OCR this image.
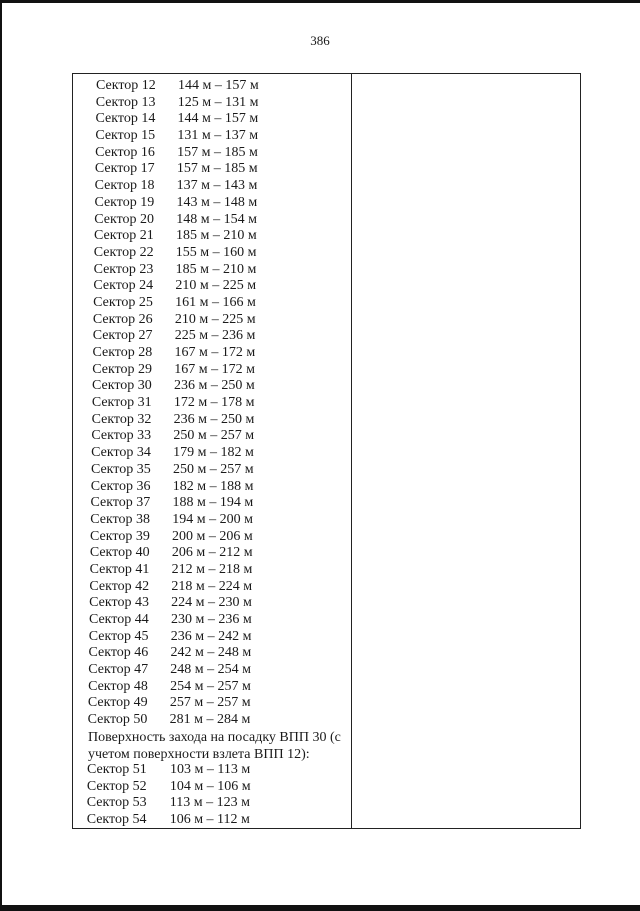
386
Сектор 12 144 м – 157 м
Сектор 13 125 м – 131 м
Сектор 14 144 м – 157 м
Сектор 15 131 м – 137 м
Сектор 16 157 м – 185 м
Сектор 17 157 м – 185 м
Сектор 18 137 м – 143 м
Сектор 19 143 м – 148 м
Сектор 20 148 м – 154 м
Сектор 21 185 м – 210 м
Сектор 22 155 м – 160 м
Сектор 23 185 м – 210 м
Сектор 24 210 м – 225 м
Сектор 25 161 м – 166 м
Сектор 26 210 м – 225 м
Сектор 27 225 м – 236 м
Сектор 28 167 м – 172 м
Сектор 29 167 м – 172 м
Сектор 30 236 м – 250 м
Сектор 31 172 м – 178 м
Сектор 32 236 м – 250 м
Сектор 33 250 м – 257 м
Сектор 34 179 м – 182 м
Сектор 35 250 м – 257 м
Сектор 36 182 м – 188 м
Сектор 37 188 м – 194 м
Сектор 38 194 м – 200 м
Сектор 39 200 м – 206 м
Сектор 40 206 м – 212 м
Сектор 41 212 м – 218 м
Сектор 42 218 м – 224 м
Сектор 43 224 м – 230 м
Сектор 44 230 м – 236 м
Сектор 45 236 м – 242 м
Сектор 46 242 м – 248 м
Сектор 47 248 м – 254 м
Сектор 48 254 м – 257 м
Сектор 49 257 м – 257 м
Сектор 50 281 м – 284 м
Поверхность захода на посадку ВПП 30 (с учетом поверхности взлета ВПП 12):
Сектор 51 103 м – 113 м
Сектор 52 104 м – 106 м
Сектор 53 113 м – 123 м
Сектор 54 106 м – 112 м
